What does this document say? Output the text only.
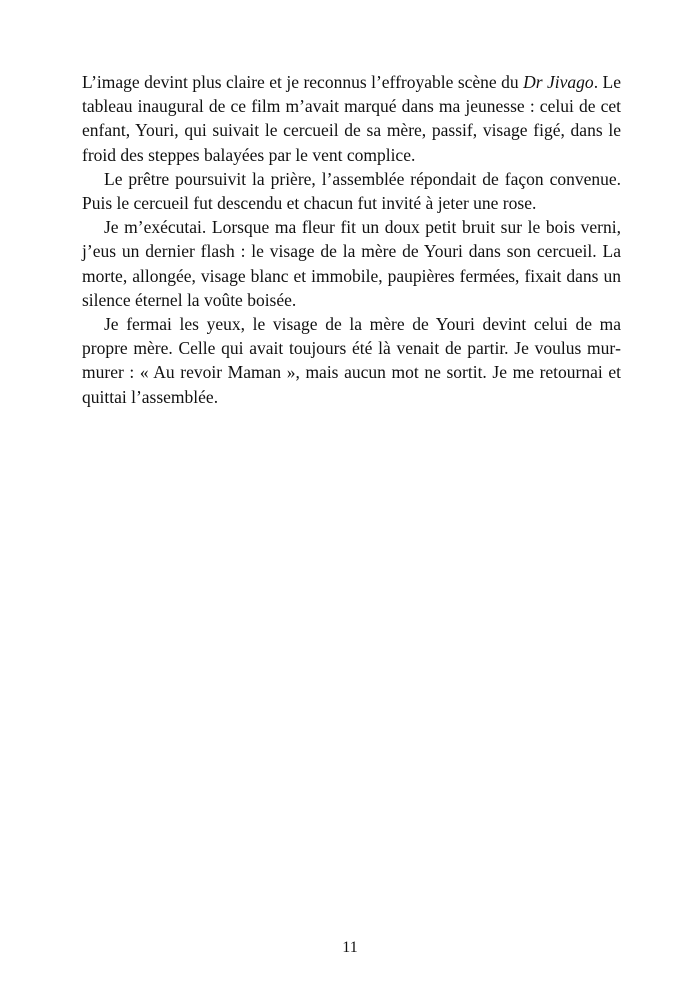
L’image devint plus claire et je reconnus l’effroyable scène du Dr Jivago. Le tableau inaugural de ce film m’avait marqué dans ma jeunesse : celui de cet enfant, Youri, qui suivait le cercueil de sa mère, passif, visage figé, dans le froid des steppes balayées par le vent complice.

Le prêtre poursuivit la prière, l’assemblée répondait de façon convenue. Puis le cercueil fut descendu et chacun fut invité à jeter une rose.

Je m’exécutai. Lorsque ma fleur fit un doux petit bruit sur le bois verni, j’eus un dernier flash : le visage de la mère de Youri dans son cercueil. La morte, allongée, visage blanc et immobile, paupières fermées, fixait dans un silence éternel la voûte boisée.

Je fermai les yeux, le visage de la mère de Youri devint celui de ma propre mère. Celle qui avait toujours été là venait de partir. Je voulus murmurer : « Au revoir Maman », mais aucun mot ne sortit. Je me retournai et quittai l’assemblée.

11
